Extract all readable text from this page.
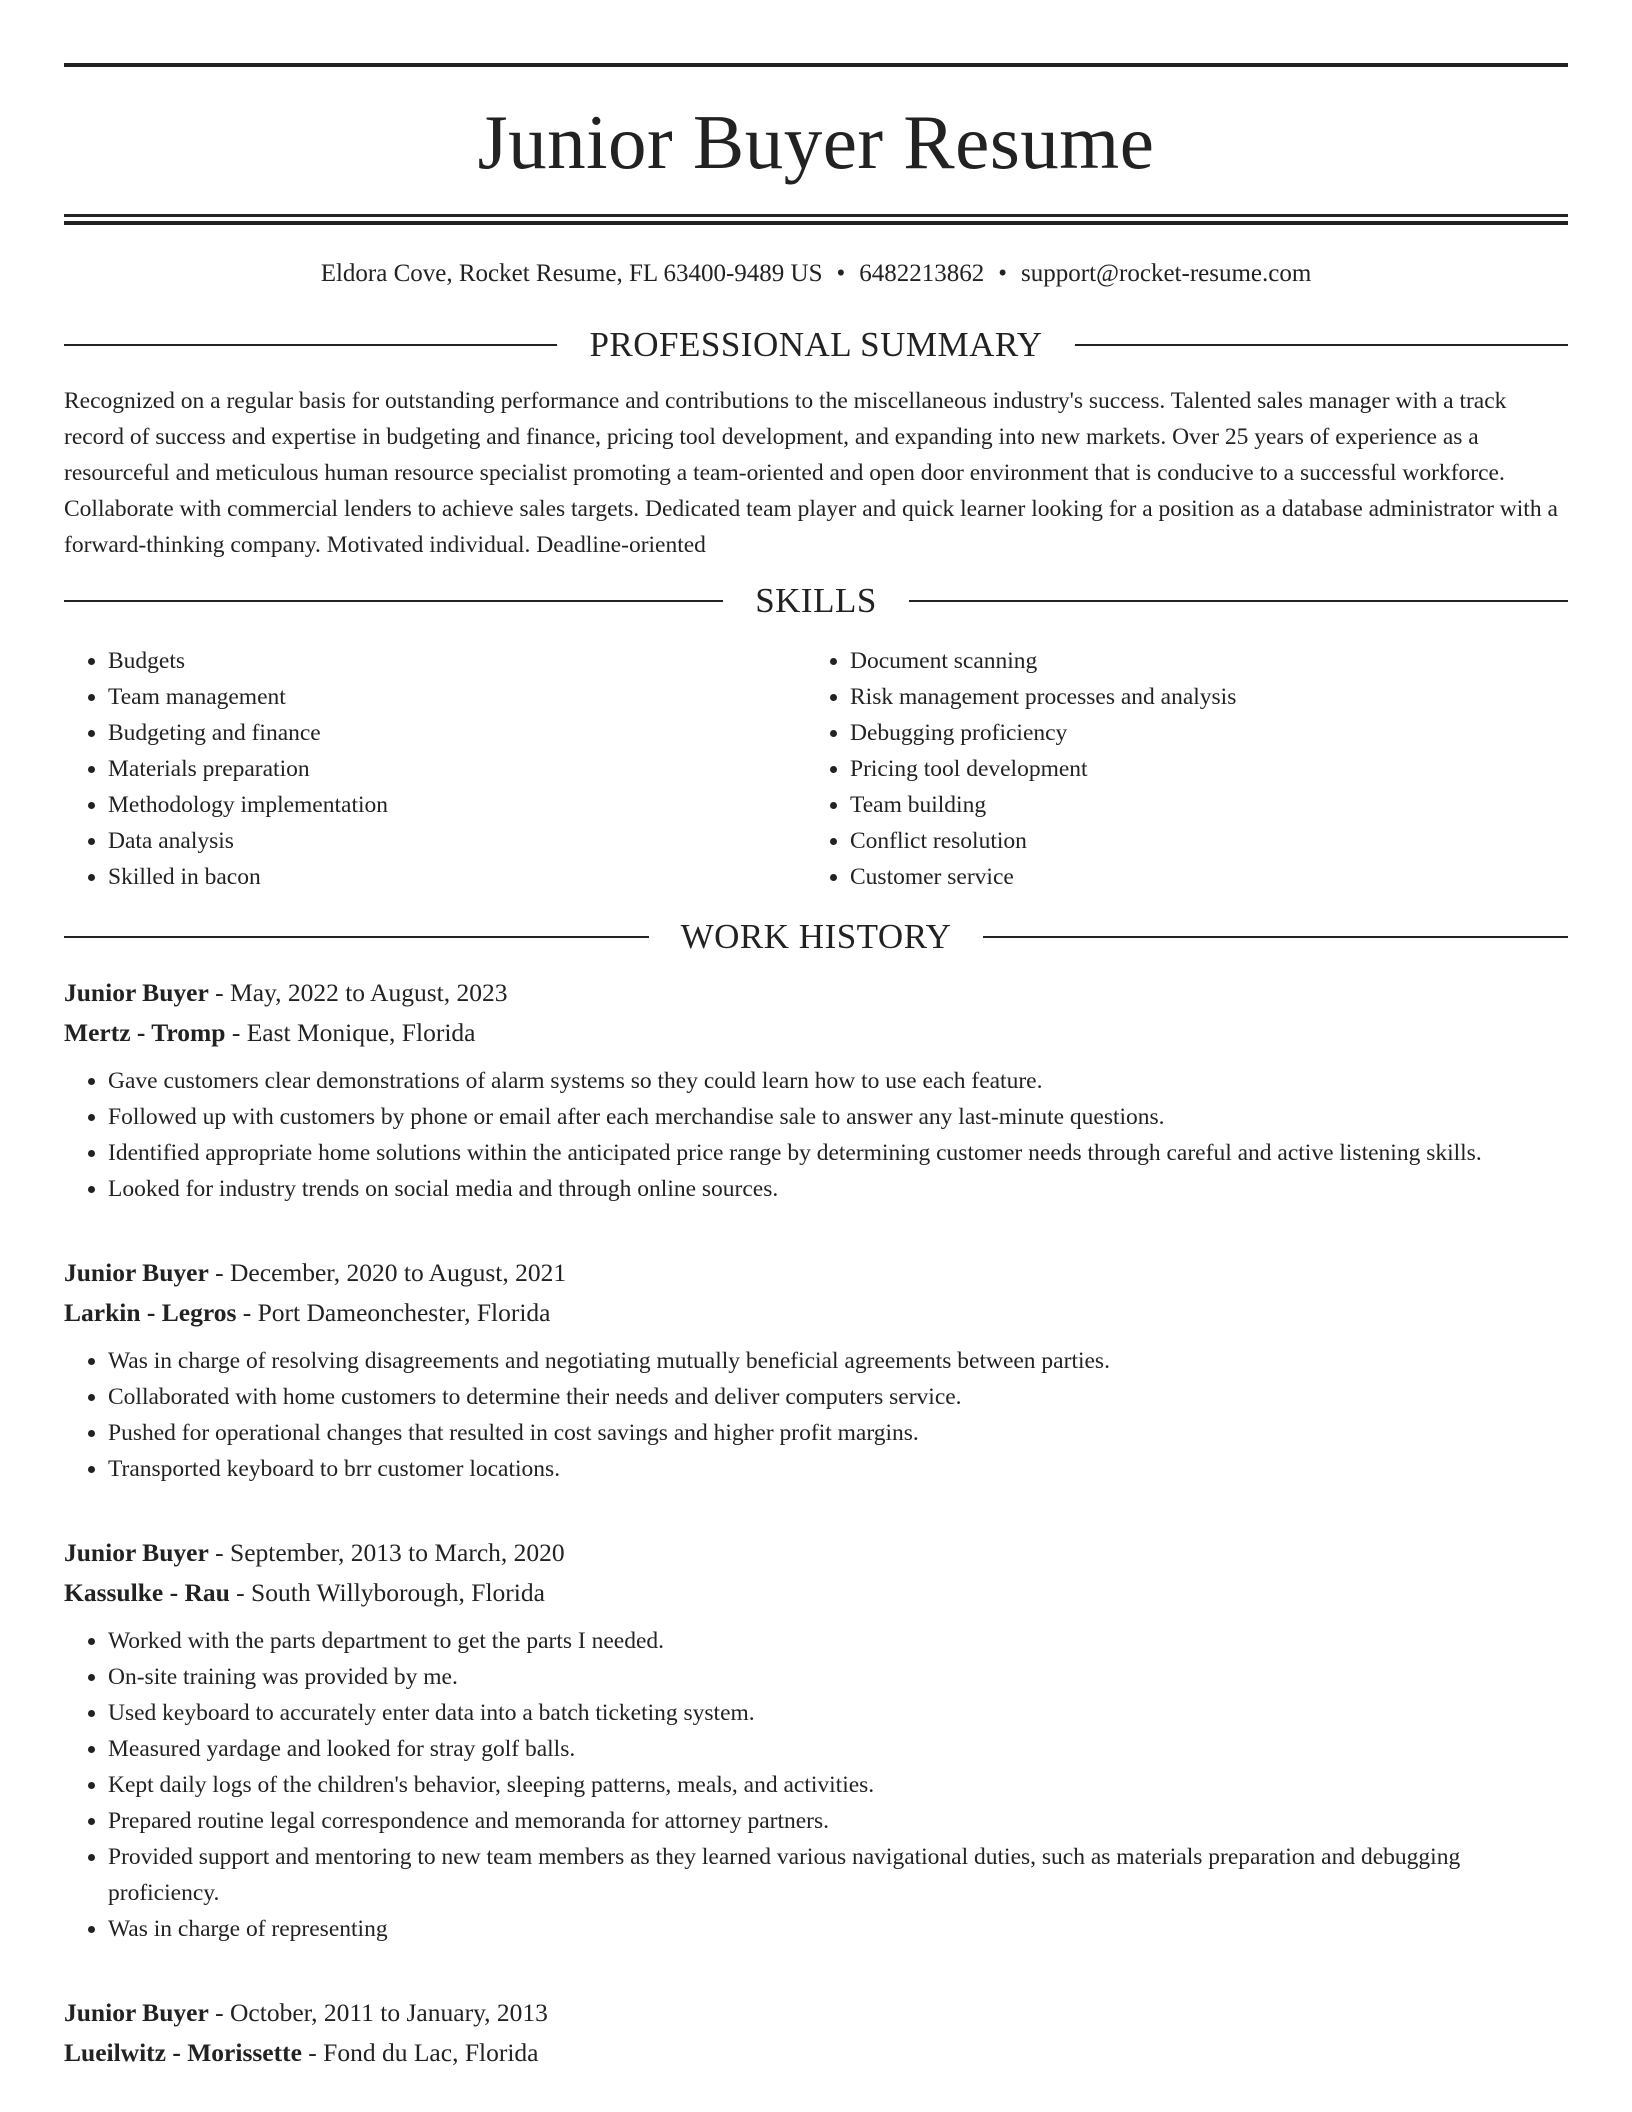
Junior Buyer Resume
Eldora Cove, Rocket Resume, FL 63400-9489 US • 6482213862 • support@rocket-resume.com
PROFESSIONAL SUMMARY
Recognized on a regular basis for outstanding performance and contributions to the miscellaneous industry's success. Talented sales manager with a track record of success and expertise in budgeting and finance, pricing tool development, and expanding into new markets. Over 25 years of experience as a resourceful and meticulous human resource specialist promoting a team-oriented and open door environment that is conducive to a successful workforce. Collaborate with commercial lenders to achieve sales targets. Dedicated team player and quick learner looking for a position as a database administrator with a forward-thinking company. Motivated individual. Deadline-oriented
SKILLS
• Budgets
• Team management
• Budgeting and finance
• Materials preparation
• Methodology implementation
• Data analysis
• Skilled in bacon
• Document scanning
• Risk management processes and analysis
• Debugging proficiency
• Pricing tool development
• Team building
• Conflict resolution
• Customer service
WORK HISTORY
Junior Buyer - May, 2022 to August, 2023
Mertz - Tromp - East Monique, Florida
• Gave customers clear demonstrations of alarm systems so they could learn how to use each feature.
• Followed up with customers by phone or email after each merchandise sale to answer any last-minute questions.
• Identified appropriate home solutions within the anticipated price range by determining customer needs through careful and active listening skills.
• Looked for industry trends on social media and through online sources.
Junior Buyer - December, 2020 to August, 2021
Larkin - Legros - Port Dameonchester, Florida
• Was in charge of resolving disagreements and negotiating mutually beneficial agreements between parties.
• Collaborated with home customers to determine their needs and deliver computers service.
• Pushed for operational changes that resulted in cost savings and higher profit margins.
• Transported keyboard to brr customer locations.
Junior Buyer - September, 2013 to March, 2020
Kassulke - Rau - South Willyborough, Florida
• Worked with the parts department to get the parts I needed.
• On-site training was provided by me.
• Used keyboard to accurately enter data into a batch ticketing system.
• Measured yardage and looked for stray golf balls.
• Kept daily logs of the children's behavior, sleeping patterns, meals, and activities.
• Prepared routine legal correspondence and memoranda for attorney partners.
• Provided support and mentoring to new team members as they learned various navigational duties, such as materials preparation and debugging proficiency.
• Was in charge of representing
Junior Buyer - October, 2011 to January, 2013
Lueilwitz - Morissette - Fond du Lac, Florida
